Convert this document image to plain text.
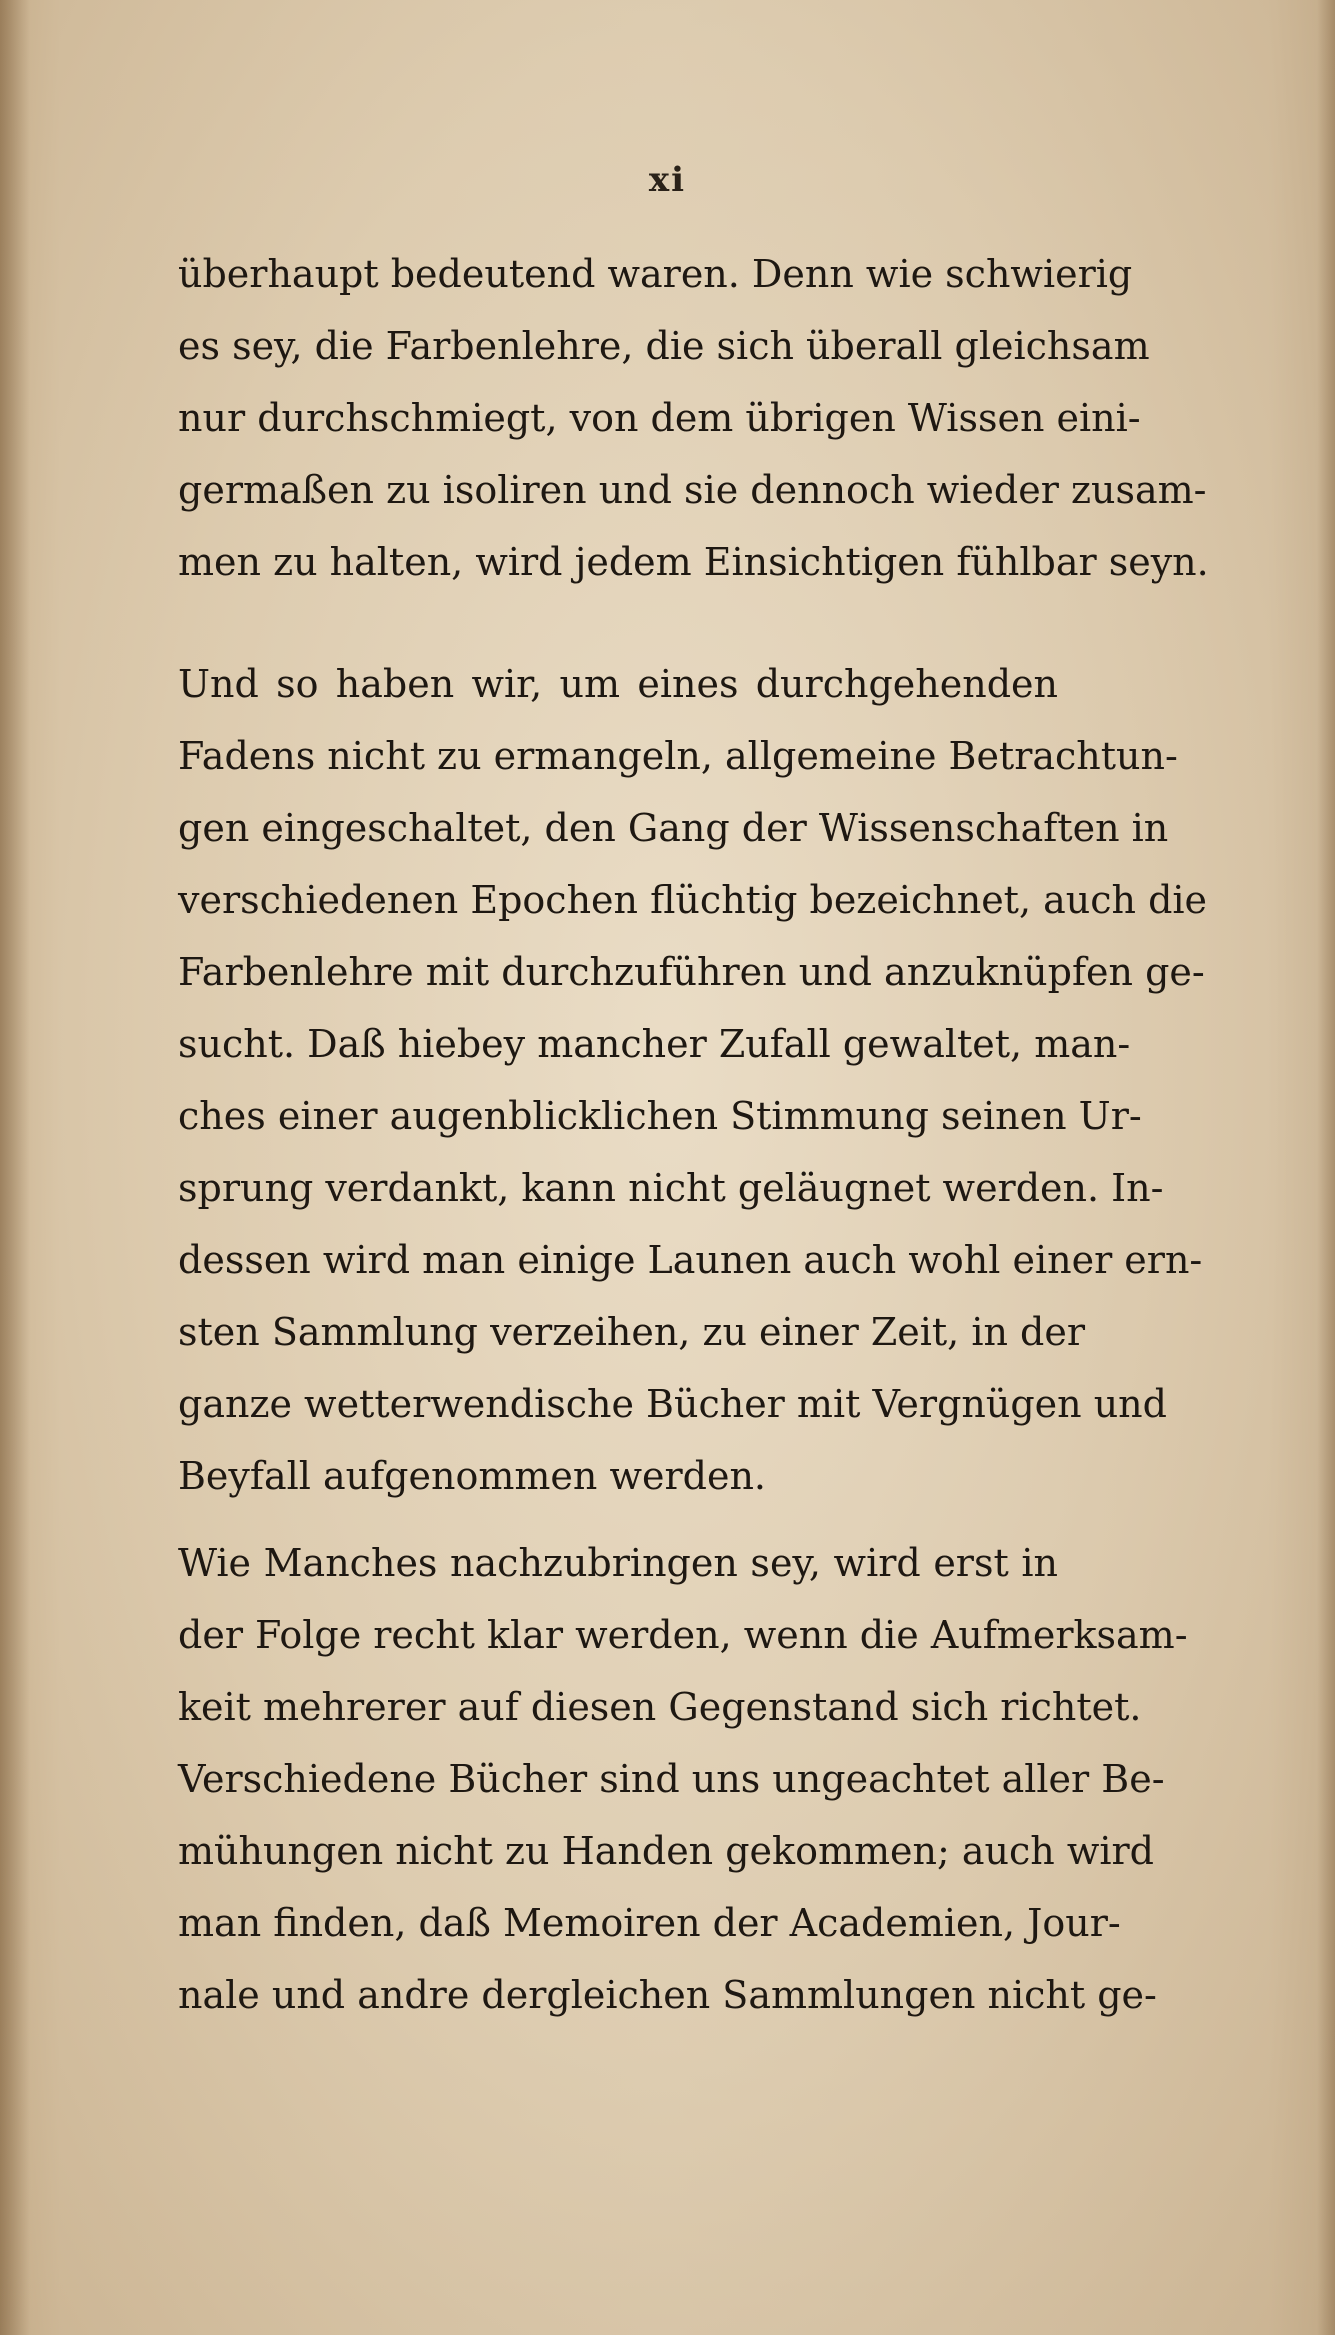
xi
überhaupt bedeutend waren. Denn wie schwierig
es sey, die Farbenlehre, die sich überall gleichsam
nur durchschmiegt, von dem übrigen Wissen eini-
germaßen zu isoliren und sie dennoch wieder zusam-
men zu halten, wird jedem Einsichtigen fühlbar seyn.
Und so haben wir, um eines durchgehenden
Fadens nicht zu ermangeln, allgemeine Betrachtun-
gen eingeschaltet, den Gang der Wissenschaften in
verschiedenen Epochen flüchtig bezeichnet, auch die
Farbenlehre mit durchzuführen und anzuknüpfen ge-
sucht. Daß hiebey mancher Zufall gewaltet, man-
ches einer augenblicklichen Stimmung seinen Ur-
sprung verdankt, kann nicht geläugnet werden. In-
dessen wird man einige Launen auch wohl einer ern-
sten Sammlung verzeihen, zu einer Zeit, in der
ganze wetterwendische Bücher mit Vergnügen und
Beyfall aufgenommen werden.
Wie Manches nachzubringen sey, wird erst in
der Folge recht klar werden, wenn die Aufmerksam-
keit mehrerer auf diesen Gegenstand sich richtet.
Verschiedene Bücher sind uns ungeachtet aller Be-
mühungen nicht zu Handen gekommen; auch wird
man finden, daß Memoiren der Academien, Jour-
nale und andre dergleichen Sammlungen nicht ge-
